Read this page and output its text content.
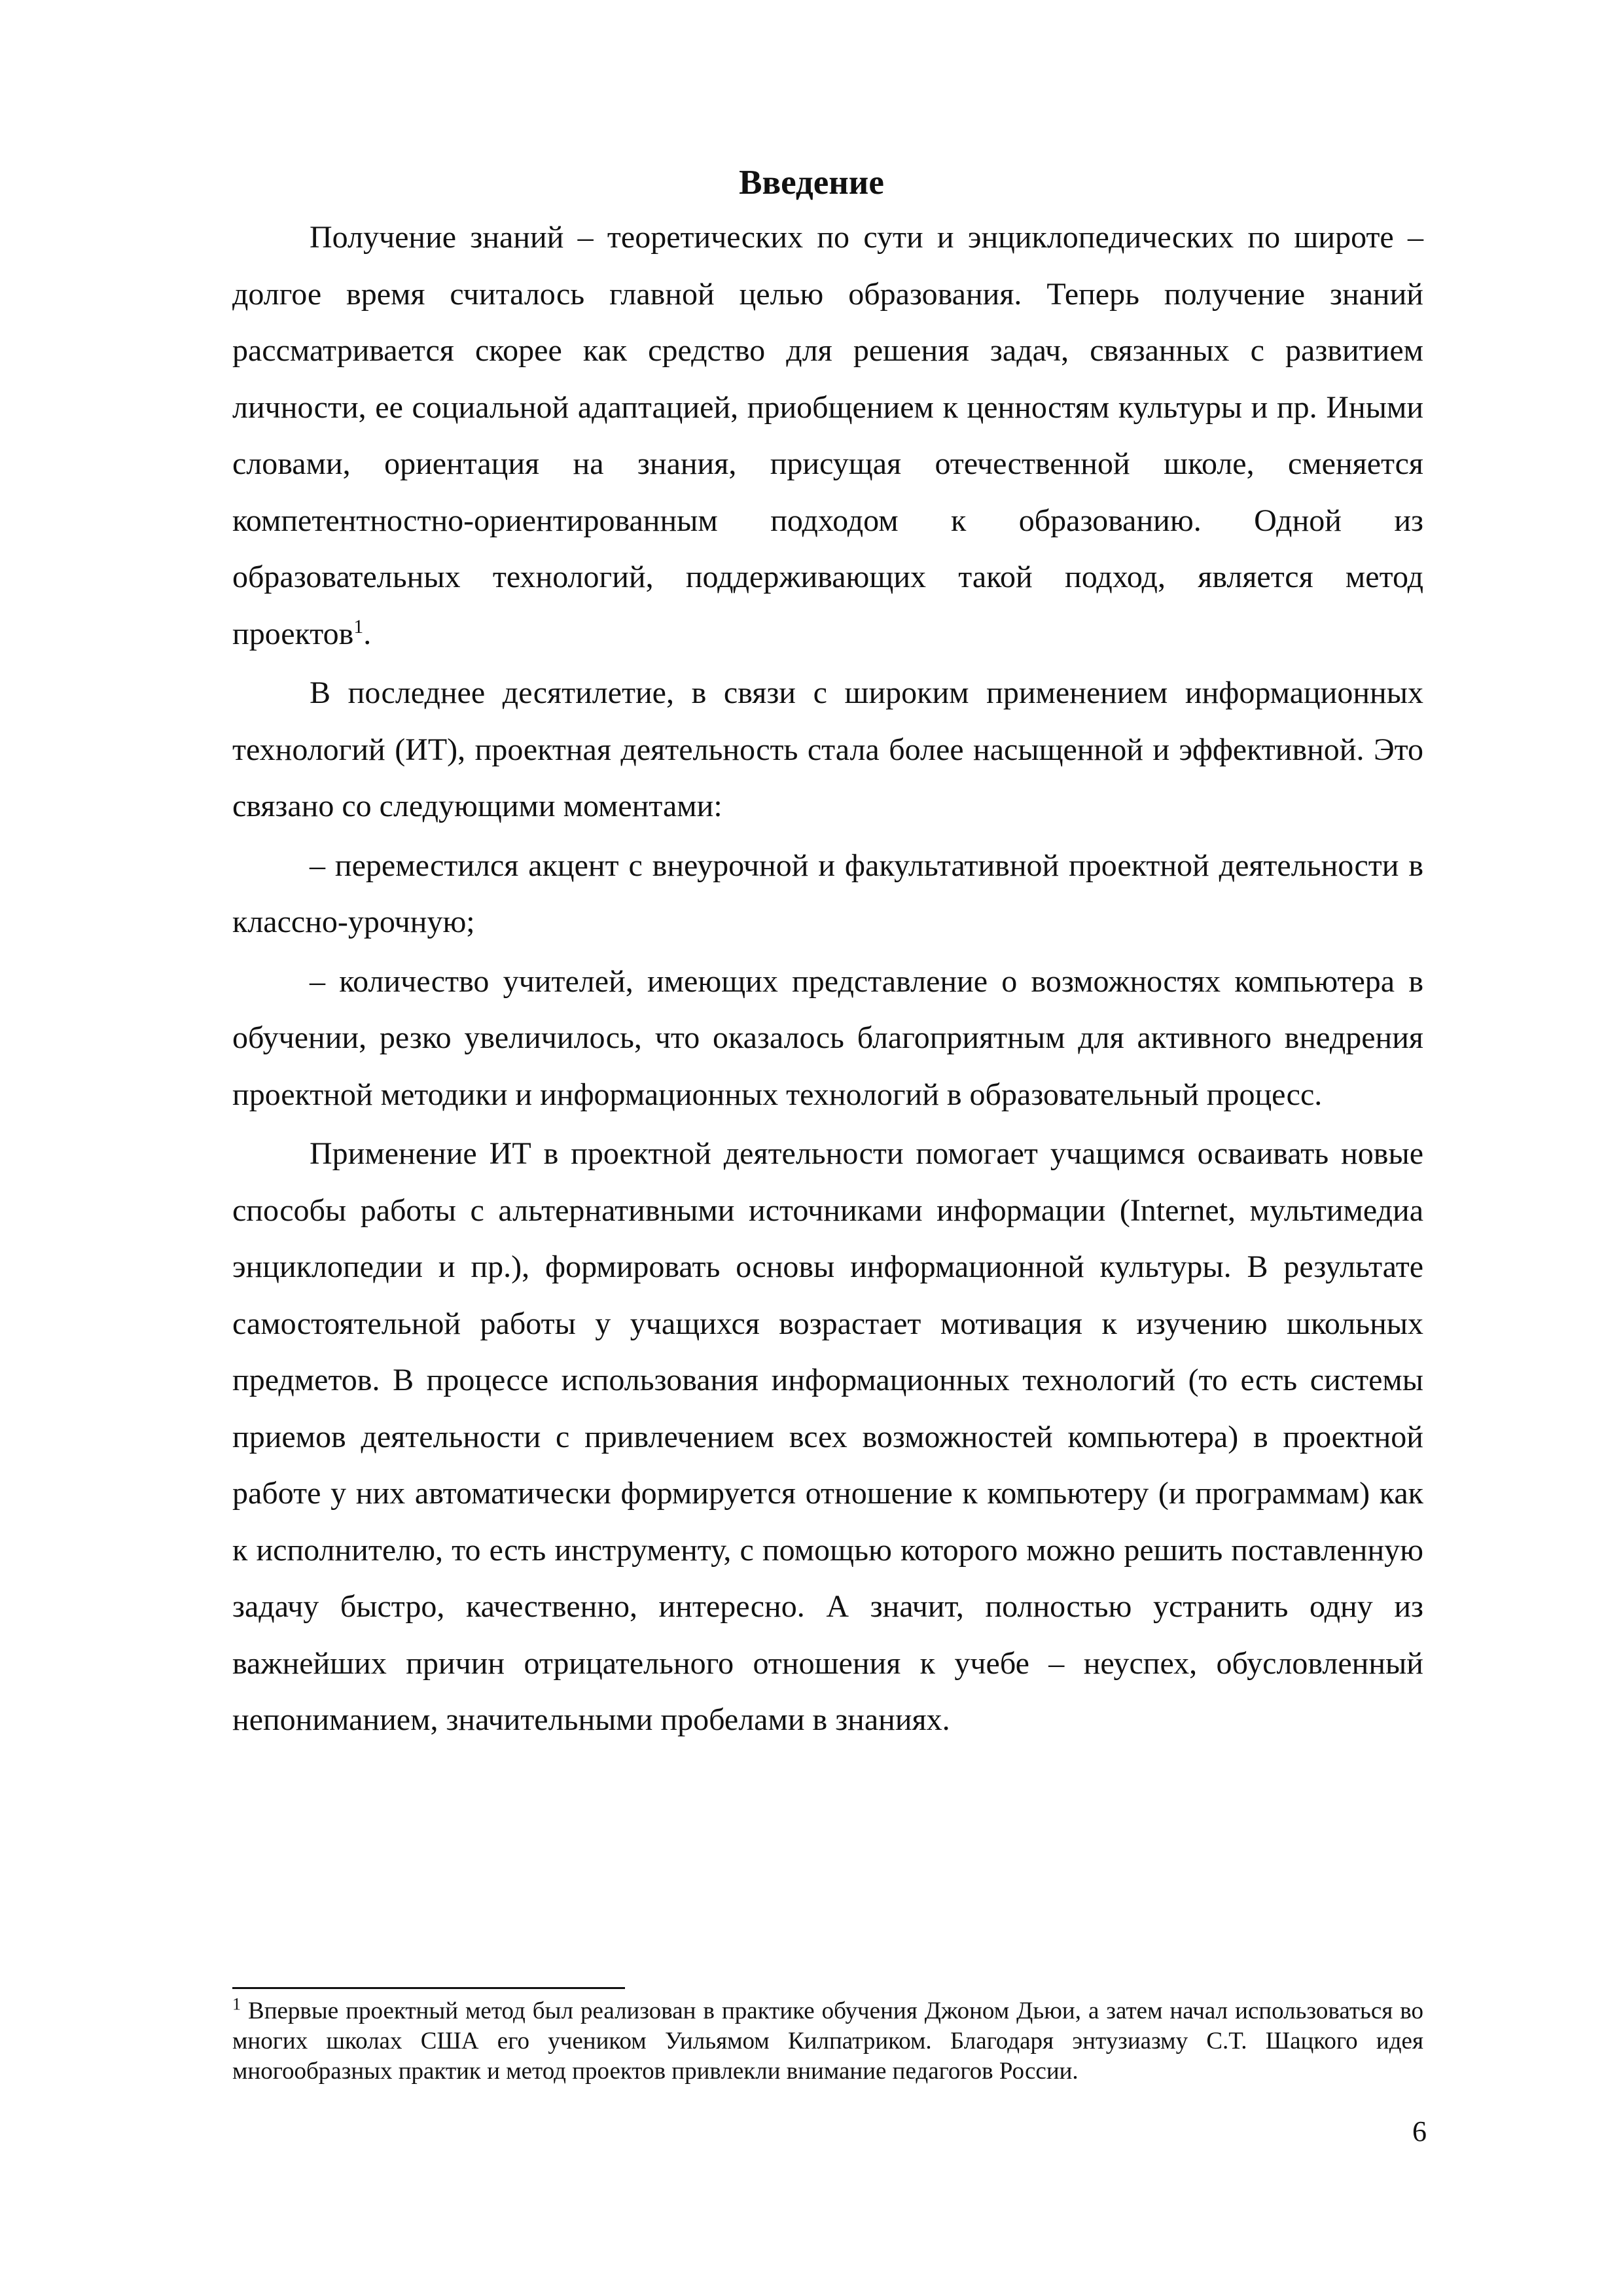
Введение

Получение знаний – теоретических по сути и энциклопедических по широте – долгое время считалось главной целью образования. Теперь получение знаний рассматривается скорее как средство для решения задач, связанных с развитием личности, ее социальной адаптацией, приобщением к ценностям культуры и пр. Иными словами, ориентация на знания, присущая отечественной школе, сменяется компетентностно-ориентированным подходом к образованию. Одной из образовательных технологий, поддерживающих такой подход, является метод проектов$^1$.

В последнее десятилетие, в связи с широким применением информационных технологий (ИТ), проектная деятельность стала более насыщенной и эффективной. Это связано со следующими моментами:

– переместился акцент с внеурочной и факультативной проектной деятельности в классно-урочную;

– количество учителей, имеющих представление о возможностях компьютера в обучении, резко увеличилось, что оказалось благоприятным для активного внедрения проектной методики и информационных технологий в образовательный процесс.

Применение ИТ в проектной деятельности помогает учащимся осваивать новые способы работы с альтернативными источниками информации (Internet, мультимедиа энциклопедии и пр.), формировать основы информационной культуры. В результате самостоятельной работы у учащихся возрастает мотивация к изучению школьных предметов. В процессе использования информационных технологий (то есть системы приемов деятельности с привлечением всех возможностей компьютера) в проектной работе у них автоматически формируется отношение к компьютеру (и программам) как к исполнителю, то есть инструменту, с помощью которого можно решить поставленную задачу быстро, качественно, интересно. А значит, полностью устранить одну из важнейших причин отрицательного отношения к учебе – неуспех, обусловленный непониманием, значительными пробелами в знаниях.

$^1$ Впервые проектный метод был реализован в практике обучения Джоном Дьюи, а затем начал использоваться во многих школах США его учеником Уильямом Килпатриком. Благодаря энтузиазму С.Т. Шацкого идея многообразных практик и метод проектов привлекли внимание педагогов России.

6
